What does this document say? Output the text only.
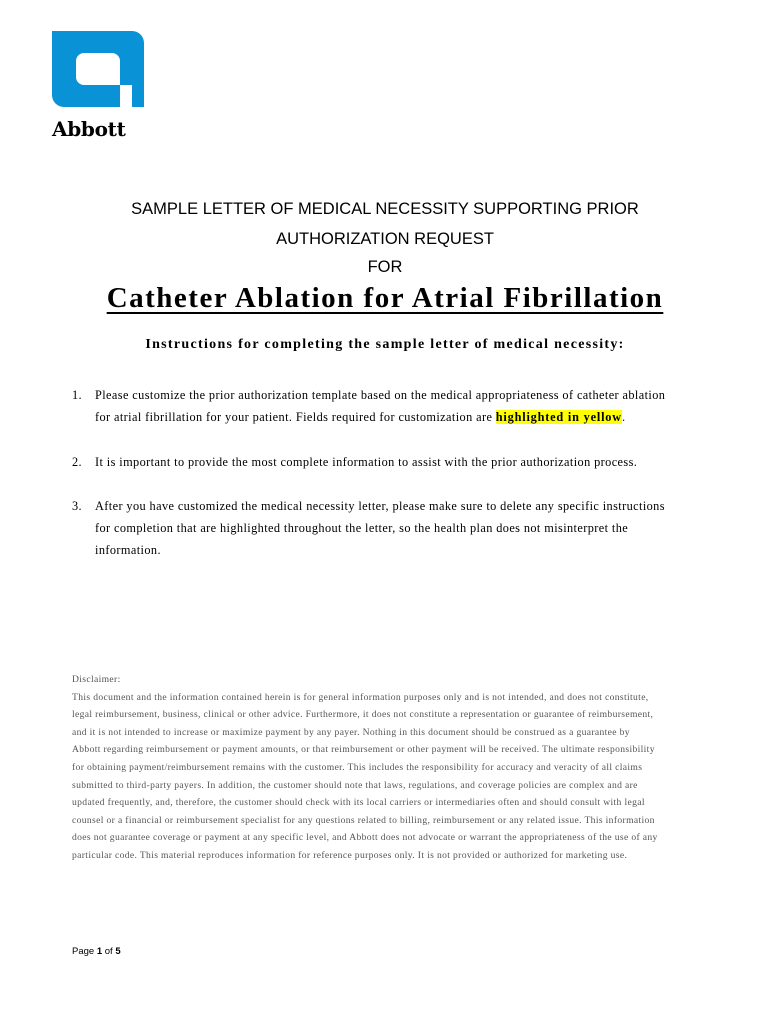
Abbott
SAMPLE LETTER OF MEDICAL NECESSITY SUPPORTING PRIOR
AUTHORIZATION REQUEST
FOR
Catheter Ablation for Atrial Fibrillation
Instructions for completing the sample letter of medical necessity:
1. Please customize the prior authorization template based on the medical appropriateness of catheter ablation
for atrial fibrillation for your patient. Fields required for customization are highlighted in yellow.
2. It is important to provide the most complete information to assist with the prior authorization process.
3. After you have customized the medical necessity letter, please make sure to delete any specific instructions
for completion that are highlighted throughout the letter, so the health plan does not misinterpret the
information.
Disclaimer:
This document and the information contained herein is for general information purposes only and is not intended, and does not constitute,
legal reimbursement, business, clinical or other advice. Furthermore, it does not constitute a representation or guarantee of reimbursement,
and it is not intended to increase or maximize payment by any payer. Nothing in this document should be construed as a guarantee by
Abbott regarding reimbursement or payment amounts, or that reimbursement or other payment will be received. The ultimate responsibility
for obtaining payment/reimbursement remains with the customer. This includes the responsibility for accuracy and veracity of all claims
submitted to third-party payers. In addition, the customer should note that laws, regulations, and coverage policies are complex and are
updated frequently, and, therefore, the customer should check with its local carriers or intermediaries often and should consult with legal
counsel or a financial or reimbursement specialist for any questions related to billing, reimbursement or any related issue. This information
does not guarantee coverage or payment at any specific level, and Abbott does not advocate or warrant the appropriateness of the use of any
particular code. This material reproduces information for reference purposes only. It is not provided or authorized for marketing use.
Page 1 of 5
